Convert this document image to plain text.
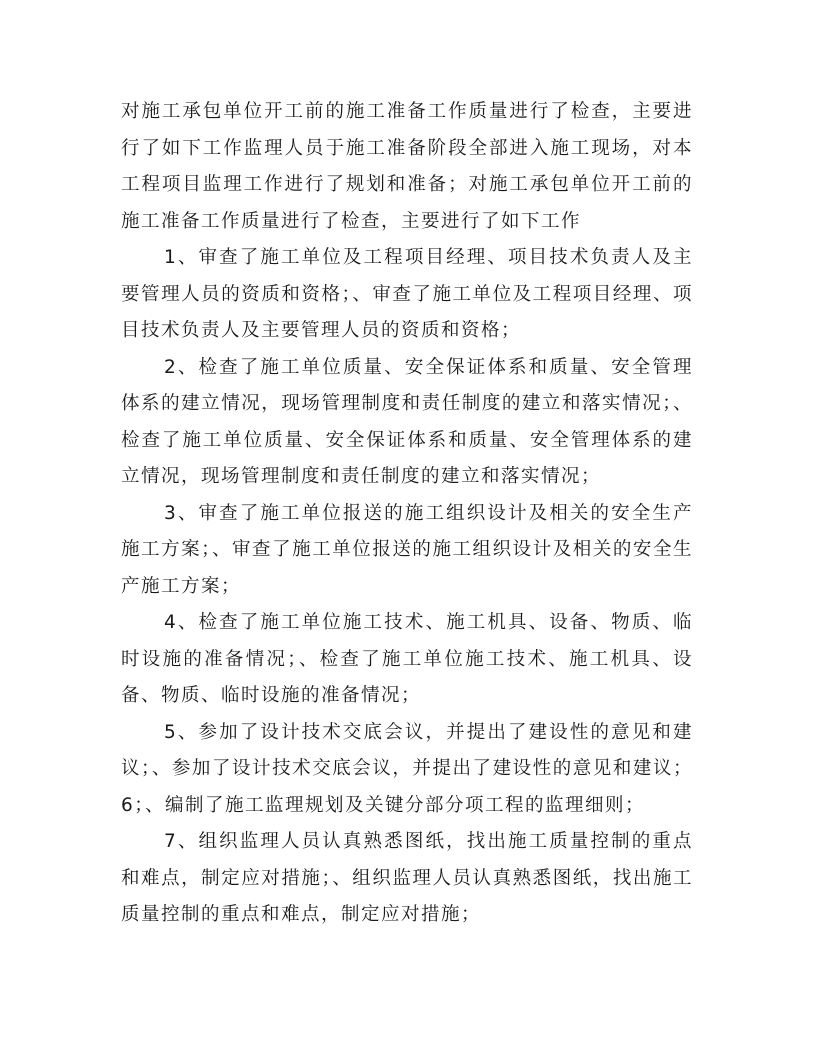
对施工承包单位开工前的施工准备工作质量进行了检查，主要进行了如下工作监理人员于施工准备阶段全部进入施工现场，对本工程项目监理工作进行了规划和准备；对施工承包单位开工前的施工准备工作质量进行了检查，主要进行了如下工作

1、审查了施工单位及工程项目经理、项目技术负责人及主要管理人员的资质和资格；、审查了施工单位及工程项目经理、项目技术负责人及主要管理人员的资质和资格；

2、检查了施工单位质量、安全保证体系和质量、安全管理体系的建立情况，现场管理制度和责任制度的建立和落实情况；、检查了施工单位质量、安全保证体系和质量、安全管理体系的建立情况，现场管理制度和责任制度的建立和落实情况；

3、审查了施工单位报送的施工组织设计及相关的安全生产施工方案；、审查了施工单位报送的施工组织设计及相关的安全生产施工方案；

4、检查了施工单位施工技术、施工机具、设备、物质、临时设施的准备情况；、检查了施工单位施工技术、施工机具、设备、物质、临时设施的准备情况；

5、参加了设计技术交底会议，并提出了建设性的意见和建议；、参加了设计技术交底会议，并提出了建设性的意见和建议；6；、编制了施工监理规划及关键分部分项工程的监理细则；

7、组织监理人员认真熟悉图纸，找出施工质量控制的重点和难点，制定应对措施；、组织监理人员认真熟悉图纸，找出施工质量控制的重点和难点，制定应对措施；
